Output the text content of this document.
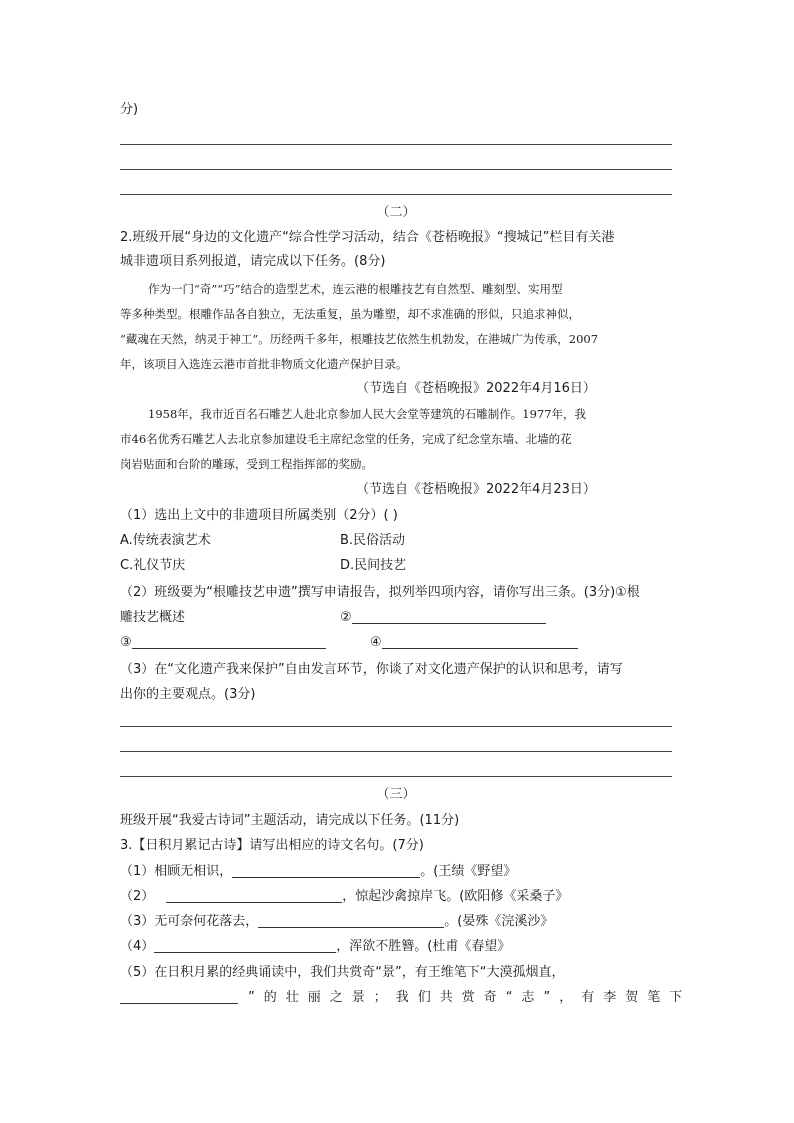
分)
（二）
2.班级开展“身边的文化遗产“综合性学习活动，结合《苍梧晚报》“搜城记”栏目有关港
城非遗项目系列报道，请完成以下任务。(8分)
作为一门“奇”“巧”结合的造型艺术，连云港的根雕技艺有自然型、雕刻型、实用型
等多种类型。根雕作品各自独立，无法重复，虽为雕塑，却不求准确的形似，只追求神似，
“藏魂在天然，纳灵于神工”。历经两千多年，根雕技艺依然生机勃发，在港城广为传承，2007
年，该项目入选连云港市首批非物质文化遗产保护目录。
（节选自《苍梧晚报》2022年4月16日）
1958年，我市近百名石雕艺人赴北京参加人民大会堂等建筑的石雕制作。1977年，我
市46名优秀石雕艺人去北京参加建设毛主席纪念堂的任务，完成了纪念堂东墙、北墙的花
岗岩贴面和台阶的雕琢，受到工程指挥部的奖励。
（节选自《苍梧晚报》2022年4月23日）
（1）选出上文中的非遗项目所属类别（2分）( )
A.传统表演艺术	B.民俗活动
C.礼仪节庆	D.民间技艺
（2）班级要为“根雕技艺申遗”撰写申请报告，拟列举四项内容，请你写出三条。(3分)①根
雕技艺概述	②
③	④
（3）在“文化遗产我来保护”自由发言环节，你谈了对文化遗产保护的认识和思考，请写
出你的主要观点。(3分)
（三）
班级开展“我爱古诗词”主题活动，请完成以下任务。(11分)
3.【日积月累记古诗】请写出相应的诗文名句。(7分)
（1）相顾无相识，	。(王绩《野望》
（2）	，惊起沙禽掠岸飞。(欧阳修《采桑子》
（3）无可奈何花落去，	。(晏殊《浣溪沙》
（4）	，浑欲不胜簪。(杜甫《春望》
（5）在日积月累的经典诵读中，我们共赏奇“景”，有王维笔下“大漠孤烟直，
”的壮丽之景；我们共赏奇“志”，有李贺笔下
